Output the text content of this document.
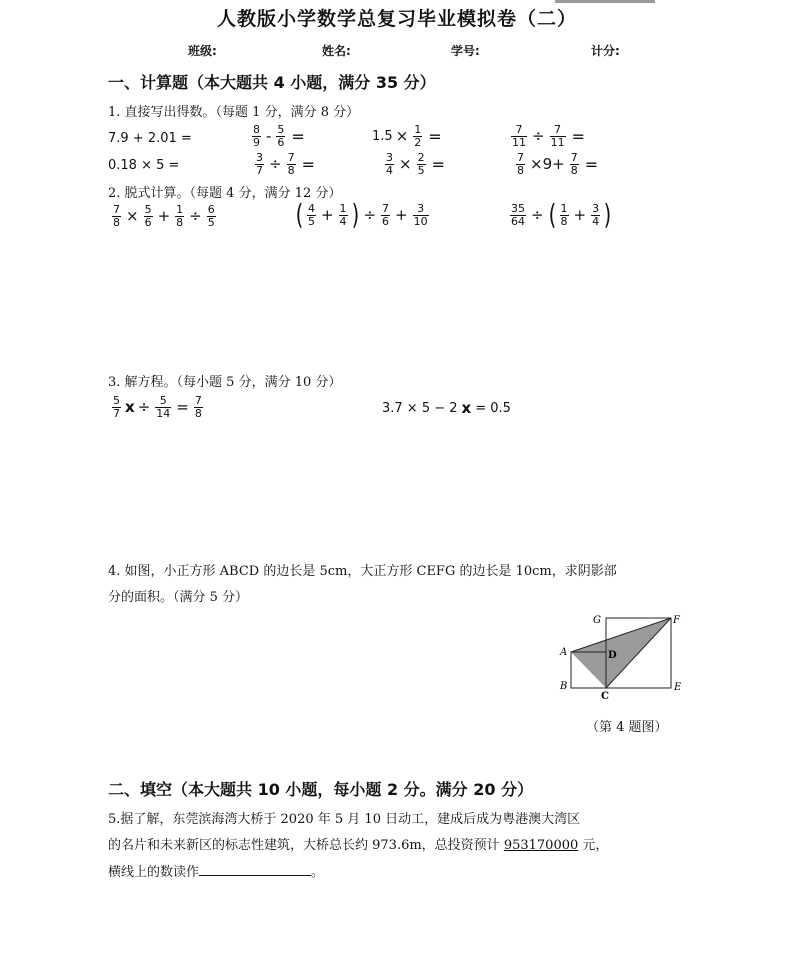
人教版小学数学总复习毕业模拟卷（二）
班级:	姓名:	学号:	计分:
一、计算题（本大题共 4 小题，满分 35 分）
1. 直接写出得数。（每题 1 分，满分 8 分）
7.9 + 2.01 =	$\frac{8}{9} - \frac{5}{6}$ =	$1.5 \times \frac{1}{2}$ =	$\frac{7}{11} \div \frac{7}{11}$ =
0.18 × 5 =	$\frac{3}{7} \div \frac{7}{8}$ =	$\frac{3}{4} \times \frac{2}{5}$ =	$\frac{7}{8} \times 9+ \frac{7}{8}$ =
2. 脱式计算。（每题 4 分，满分 12 分）
$\frac{7}{8} \times \frac{5}{6} + \frac{1}{8} \div \frac{6}{5}$	( $\frac{4}{5} + \frac{1}{4}$ ) ÷ $\frac{7}{6} + \frac{3}{10}$	$\frac{35}{64}$ ÷ ( $\frac{1}{8} + \frac{3}{4}$ )
3. 解方程。（每小题 5 分，满分 10 分）
$\frac{5}{7}$ $x \div \frac{5}{14} = \frac{7}{8}$	3.7 × 5 − 2 x = 0.5
4. 如图，小正方形 ABCD 的边长是 5cm，大正方形 CEFG 的边长是 10cm，求阴影部
分的面积。（满分 5 分）
G	F
A	D
B	E
C
（第 4 题图）
二、填空（本大题共 10 小题，每小题 2 分。满分 20 分）
5.据了解，东莞滨海湾大桥于 2020 年 5 月 10 日动工，建成后成为粤港澳大湾区
的名片和未来新区的标志性建筑，大桥总长约 973.6m，总投资预计 953170000 元，
横线上的数读作	。
